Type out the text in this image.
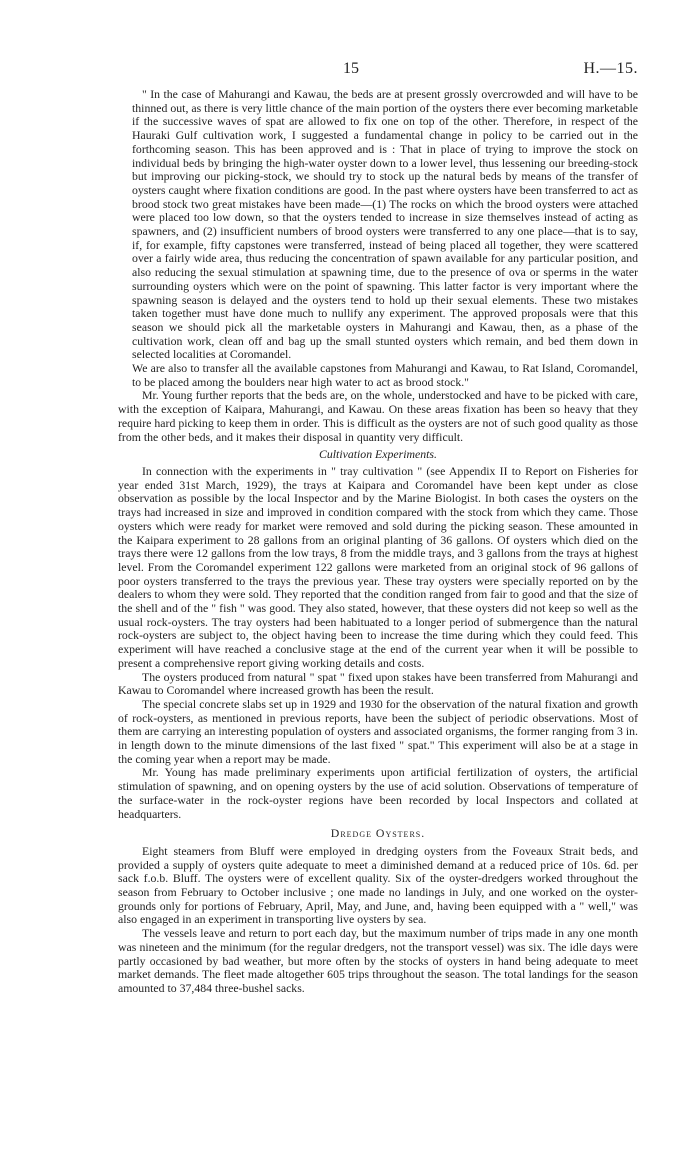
15	H.—15.

" In the case of Mahurangi and Kawau, the beds are at present grossly overcrowded and will have to be thinned out, as there is very little chance of the main portion of the oysters there ever becoming marketable if the successive waves of spat are allowed to fix one on top of the other. Therefore, in respect of the Hauraki Gulf cultivation work, I suggested a fundamental change in policy to be carried out in the forthcoming season. This has been approved and is : That in place of trying to improve the stock on individual beds by bringing the high-water oyster down to a lower level, thus lessening our breeding-stock but improving our picking-stock, we should try to stock up the natural beds by means of the transfer of oysters caught where fixation conditions are good. In the past where oysters have been transferred to act as brood stock two great mistakes have been made—(1) The rocks on which the brood oysters were attached were placed too low down, so that the oysters tended to increase in size themselves instead of acting as spawners, and (2) insufficient numbers of brood oysters were transferred to any one place—that is to say, if, for example, fifty capstones were transferred, instead of being placed all together, they were scattered over a fairly wide area, thus reducing the concentration of spawn available for any particular position, and also reducing the sexual stimulation at spawning time, due to the presence of ova or sperms in the water surrounding oysters which were on the point of spawning. This latter factor is very important where the spawning season is delayed and the oysters tend to hold up their sexual elements. These two mistakes taken together must have done much to nullify any experiment. The approved proposals were that this season we should pick all the marketable oysters in Mahurangi and Kawau, then, as a phase of the cultivation work, clean off and bag up the small stunted oysters which remain, and bed them down in selected localities at Coromandel.

We are also to transfer all the available capstones from Mahurangi and Kawau, to Rat Island, Coromandel, to be placed among the boulders near high water to act as brood stock."

Mr. Young further reports that the beds are, on the whole, understocked and have to be picked with care, with the exception of Kaipara, Mahurangi, and Kawau. On these areas fixation has been so heavy that they require hard picking to keep them in order. This is difficult as the oysters are not of such good quality as those from the other beds, and it makes their disposal in quantity very difficult.

Cultivation Experiments.

In connection with the experiments in " tray cultivation " (see Appendix II to Report on Fisheries for year ended 31st March, 1929), the trays at Kaipara and Coromandel have been kept under as close observation as possible by the local Inspector and by the Marine Biologist. In both cases the oysters on the trays had increased in size and improved in condition compared with the stock from which they came. Those oysters which were ready for market were removed and sold during the picking season. These amounted in the Kaipara experiment to 28 gallons from an original planting of 36 gallons. Of oysters which died on the trays there were 12 gallons from the low trays, 8 from the middle trays, and 3 gallons from the trays at highest level. From the Coromandel experiment 122 gallons were marketed from an original stock of 96 gallons of poor oysters transferred to the trays the previous year. These tray oysters were specially reported on by the dealers to whom they were sold. They reported that the condition ranged from fair to good and that the size of the shell and of the " fish " was good. They also stated, however, that these oysters did not keep so well as the usual rock-oysters. The tray oysters had been habituated to a longer period of submergence than the natural rock-oysters are subject to, the object having been to increase the time during which they could feed. This experiment will have reached a conclusive stage at the end of the current year when it will be possible to present a comprehensive report giving working details and costs.

The oysters produced from natural " spat " fixed upon stakes have been transferred from Mahurangi and Kawau to Coromandel where increased growth has been the result.

The special concrete slabs set up in 1929 and 1930 for the observation of the natural fixation and growth of rock-oysters, as mentioned in previous reports, have been the subject of periodic observations. Most of them are carrying an interesting population of oysters and associated organisms, the former ranging from 3 in. in length down to the minute dimensions of the last fixed " spat." This experiment will also be at a stage in the coming year when a report may be made.

Mr. Young has made preliminary experiments upon artificial fertilization of oysters, the artificial stimulation of spawning, and on opening oysters by the use of acid solution. Observations of temperature of the surface-water in the rock-oyster regions have been recorded by local Inspectors and collated at headquarters.

Dredge Oysters.

Eight steamers from Bluff were employed in dredging oysters from the Foveaux Strait beds, and provided a supply of oysters quite adequate to meet a diminished demand at a reduced price of 10s. 6d. per sack f.o.b. Bluff. The oysters were of excellent quality. Six of the oyster-dredgers worked throughout the season from February to October inclusive ; one made no landings in July, and one worked on the oyster-grounds only for portions of February, April, May, and June, and, having been equipped with a " well," was also engaged in an experiment in transporting live oysters by sea.

The vessels leave and return to port each day, but the maximum number of trips made in any one month was nineteen and the minimum (for the regular dredgers, not the transport vessel) was six. The idle days were partly occasioned by bad weather, but more often by the stocks of oysters in hand being adequate to meet market demands. The fleet made altogether 605 trips throughout the season. The total landings for the season amounted to 37,484 three-bushel sacks.
